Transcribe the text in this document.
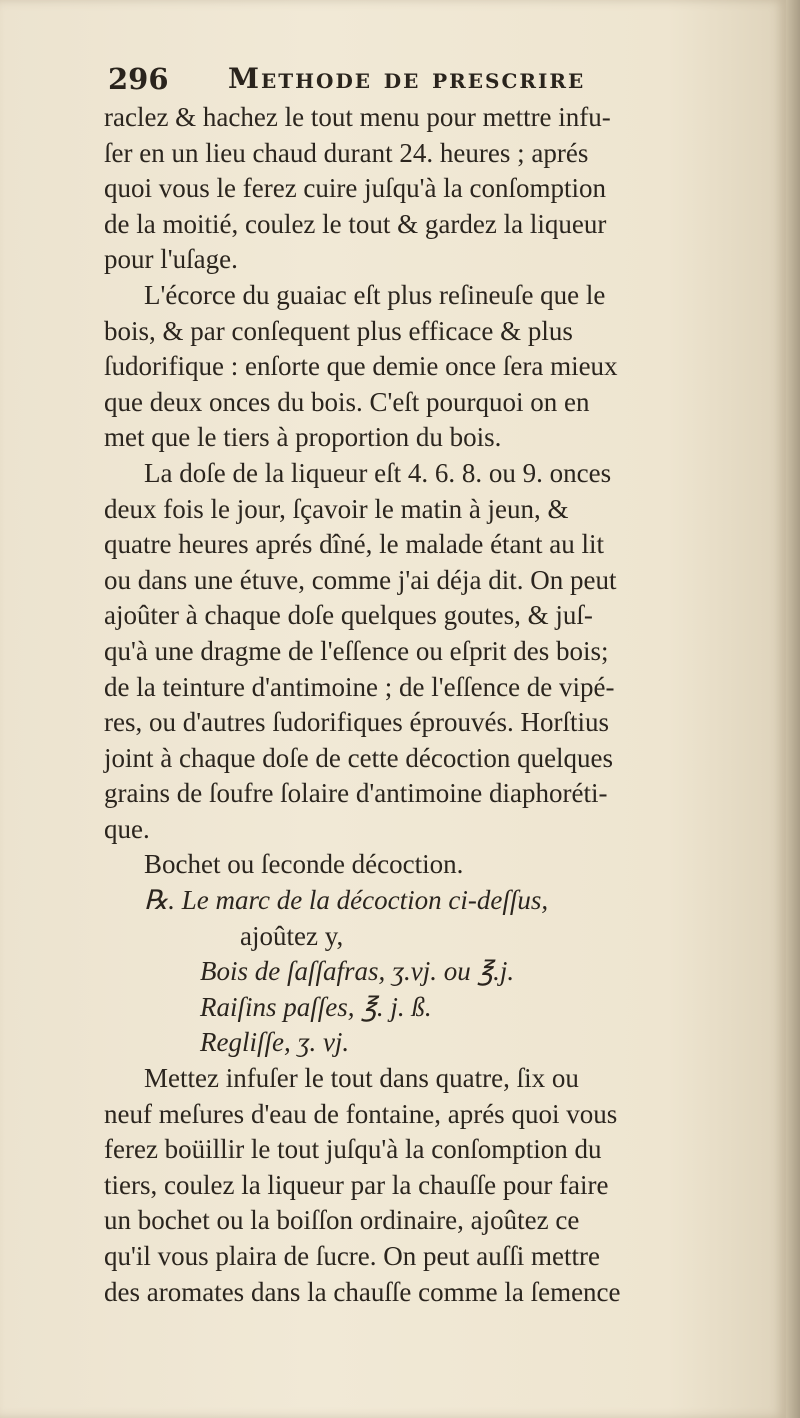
296 Methode de prescrire
raclez & hachez le tout menu pour mettre infu-
ſer en un lieu chaud durant 24. heures ; aprés
quoi vous le ferez cuire juſqu'à la conſomption
de la moitié, coulez le tout & gardez la liqueur
pour l'uſage.
L'écorce du guaiac eſt plus reſineuſe que le
bois, & par conſequent plus efficace & plus
ſudorifique : enſorte que demie once ſera mieux
que deux onces du bois. C'eſt pourquoi on en
met que le tiers à proportion du bois.
La doſe de la liqueur eſt 4. 6. 8. ou 9. onces
deux fois le jour, ſçavoir le matin à jeun, &
quatre heures aprés dîné, le malade étant au lit
ou dans une étuve, comme j'ai déja dit. On peut
ajoûter à chaque doſe quelques goutes, & juſ-
qu'à une dragme de l'eſſence ou eſprit des bois;
de la teinture d'antimoine ; de l'eſſence de vipé-
res, ou d'autres ſudorifiques éprouvés. Horſtius
joint à chaque doſe de cette décoction quelques
grains de ſoufre ſolaire d'antimoine diaphoréti-
que.
Bochet ou ſeconde décoction.
℞. Le marc de la décoction ci-deſſus,
ajoûtez y,
Bois de ſaſſafras, ʒ.vj. ou ℥.j.
Raiſins paſſes, ℥. j. ß.
Regliſſe, ʒ. vj.
Mettez infuſer le tout dans quatre, ſix ou
neuf meſures d'eau de fontaine, aprés quoi vous
ferez boüillir le tout juſqu'à la conſomption du
tiers, coulez la liqueur par la chauſſe pour faire
un bochet ou la boiſſon ordinaire, ajoûtez ce
qu'il vous plaira de ſucre. On peut auſſi mettre
des aromates dans la chauſſe comme la ſemence
